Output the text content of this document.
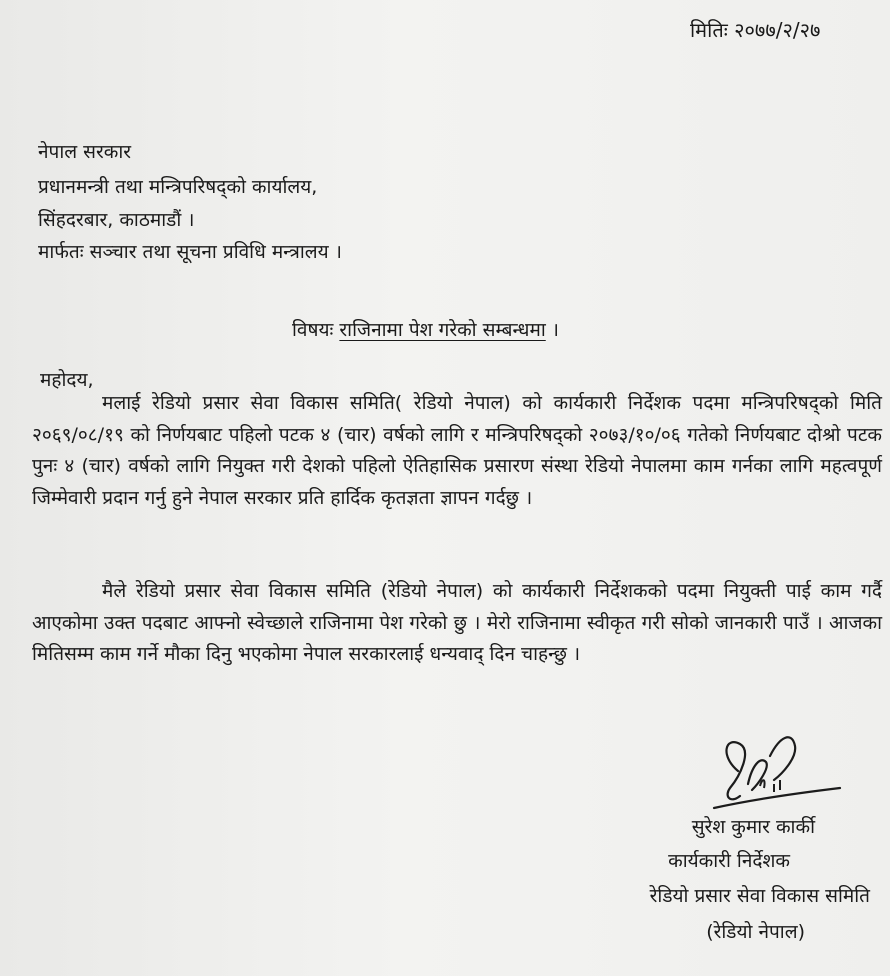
मितिः २०७७/२/२७
नेपाल सरकार
प्रधानमन्त्री तथा मन्त्रिपरिषद्को कार्यालय,
सिंहदरबार, काठमाडौं ।
मार्फतः सञ्चार तथा सूचना प्रविधि मन्त्रालय ।
विषयः राजिनामा पेश गरेको सम्बन्धमा ।
महोदय,
मलाई रेडियो प्रसार सेवा विकास समिति( रेडियो नेपाल) को कार्यकारी निर्देशक पदमा मन्त्रिपरिषद्को मिति २०६९/०८/१९ को निर्णयबाट पहिलो पटक ४ (चार) वर्षको लागि र मन्त्रिपरिषद्को २०७३/१०/०६ गतेको निर्णयबाट दोश्रो पटक पुनः ४ (चार) वर्षको लागि नियुक्त गरी देशको पहिलो ऐतिहासिक प्रसारण संस्था रेडियो नेपालमा काम गर्नका लागि महत्वपूर्ण जिम्मेवारी प्रदान गर्नु हुने नेपाल सरकार प्रति हार्दिक कृतज्ञता ज्ञापन गर्दछु ।
मैले रेडियो प्रसार सेवा विकास समिति (रेडियो नेपाल) को कार्यकारी निर्देशकको पदमा नियुक्ती पाई काम गर्दै आएकोमा उक्त पदबाट आफ्नो स्वेच्छाले राजिनामा पेश गरेको छु । मेरो राजिनामा स्वीकृत गरी सोको जानकारी पाउँ । आजका मितिसम्म काम गर्ने मौका दिनु भएकोमा नेपाल सरकारलाई धन्यवाद् दिन चाहन्छु ।
सुरेश कुमार कार्की
कार्यकारी निर्देशक
रेडियो प्रसार सेवा विकास समिति
(रेडियो नेपाल)
